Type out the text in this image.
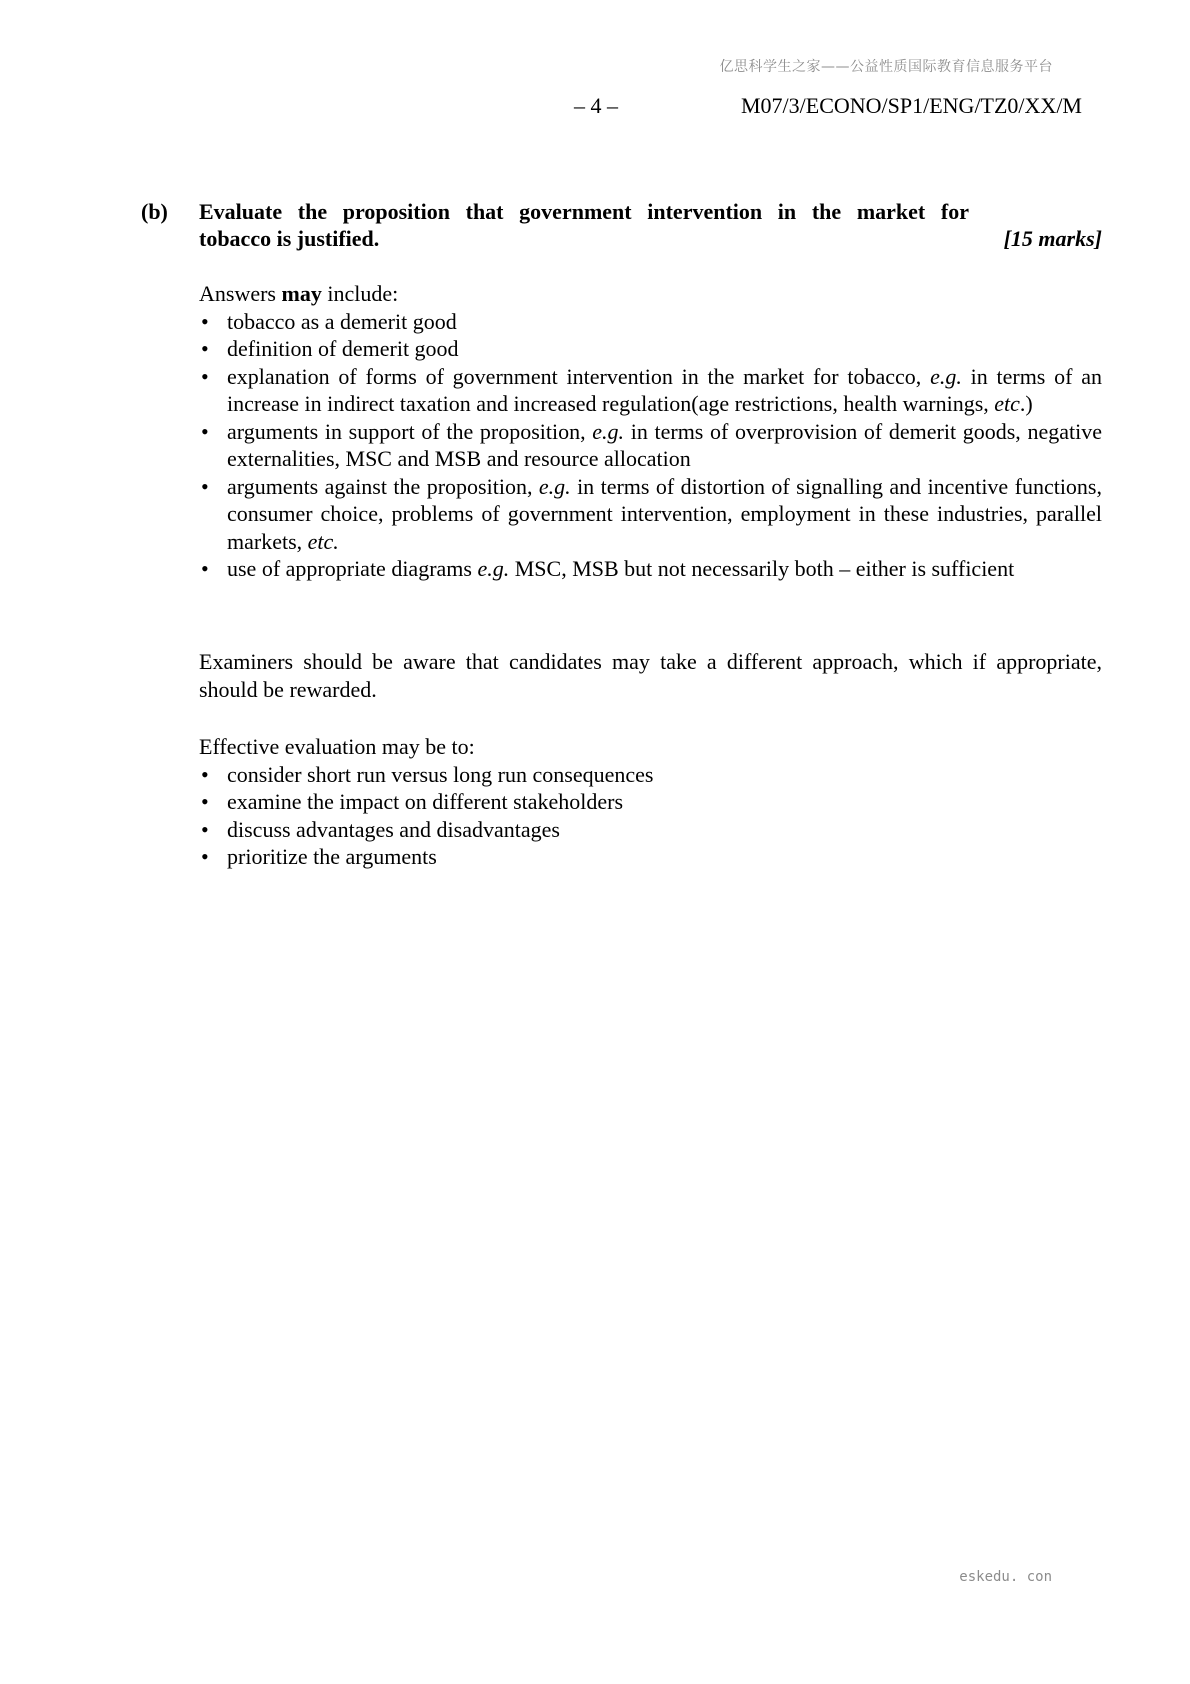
亿思科学生之家——公益性质国际教育信息服务平台
– 4 –	M07/3/ECONO/SP1/ENG/TZ0/XX/M
(b) Evaluate the proposition that government intervention in the market for
tobacco is justified.	[15 marks]

Answers may include:

• tobacco as a demerit good
• definition of demerit good
• explanation of forms of government intervention in the market for tobacco, e.g. in terms of an increase in indirect taxation and increased regulation(age restrictions, health warnings, etc.)
• arguments in support of the proposition, e.g. in terms of overprovision of demerit goods, negative externalities, MSC and MSB and resource allocation
• arguments against the proposition, e.g. in terms of distortion of signalling and incentive functions, consumer choice, problems of government intervention, employment in these industries, parallel markets, etc.
• use of appropriate diagrams e.g. MSC, MSB but not necessarily both – either is sufficient

Examiners should be aware that candidates may take a different approach, which if appropriate, should be rewarded.

Effective evaluation may be to:

• consider short run versus long run consequences
• examine the impact on different stakeholders
• discuss advantages and disadvantages
• prioritize the arguments
eskedu. con
